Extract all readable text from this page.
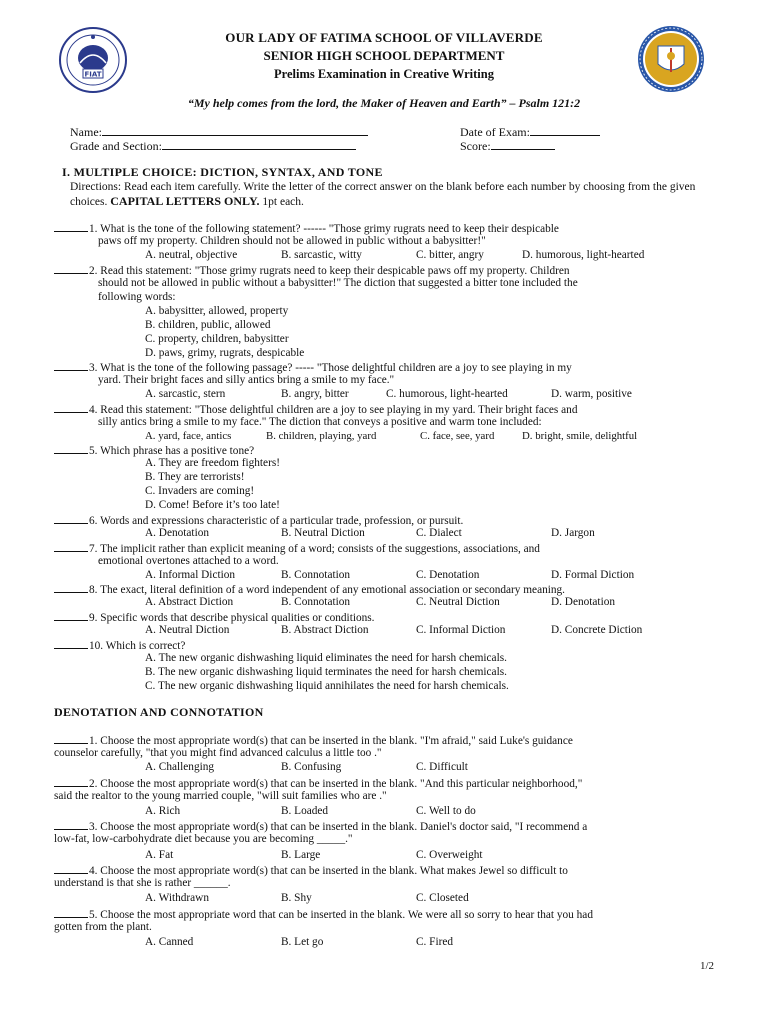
FIAT
OUR LADY OF FATIMA SCHOOL OF VILLAVERDE
SENIOR HIGH SCHOOL DEPARTMENT
Prelims Examination in Creative Writing
“My help comes from the lord, the Maker of Heaven and Earth” – Psalm 121:2
Name:
Grade and Section:
Date of Exam:
Score:
I. MULTIPLE CHOICE: DICTION, SYNTAX, AND TONE
Directions: Read each item carefully. Write the letter of the correct answer on the blank before each number by choosing from the given choices. CAPITAL LETTERS ONLY. 1pt each.
1. What is the tone of the following statement? ------ "Those grimy rugrats need to keep their despicable
paws off my property. Children should not be allowed in public without a babysitter!"
A. neutral, objective	B. sarcastic, witty	C. bitter, angry	D. humorous, light-hearted
2. Read this statement: "Those grimy rugrats need to keep their despicable paws off my property. Children
should not be allowed in public without a babysitter!" The diction that suggested a bitter tone included the
following words:
A. babysitter, allowed, property
B. children, public, allowed
C. property, children, babysitter
D. paws, grimy, rugrats, despicable
3. What is the tone of the following passage? ----- "Those delightful children are a joy to see playing in my
yard. Their bright faces and silly antics bring a smile to my face."
A. sarcastic, stern	B. angry, bitter	C. humorous, light-hearted	D. warm, positive
4. Read this statement: "Those delightful children are a joy to see playing in my yard. Their bright faces and
silly antics bring a smile to my face." The diction that conveys a positive and warm tone included:
A. yard, face, antics	B. children, playing, yard	C. face, see, yard	D. bright, smile, delightful
5. Which phrase has a positive tone?
A. They are freedom fighters!
B. They are terrorists!
C. Invaders are coming!
D. Come! Before it’s too late!
6. Words and expressions characteristic of a particular trade, profession, or pursuit.
A. Denotation	B. Neutral Diction	C. Dialect	D. Jargon
7. The implicit rather than explicit meaning of a word; consists of the suggestions, associations, and
emotional overtones attached to a word.
A. Informal Diction	B. Connotation	C. Denotation	D. Formal Diction
8. The exact, literal definition of a word independent of any emotional association or secondary meaning.
A. Abstract Diction	B. Connotation	C. Neutral Diction	D. Denotation
9. Specific words that describe physical qualities or conditions.
A. Neutral Diction	B. Abstract Diction	C. Informal Diction	D. Concrete Diction
10. Which is correct?
A. The new organic dishwashing liquid eliminates the need for harsh chemicals.
B. The new organic dishwashing liquid terminates the need for harsh chemicals.
C. The new organic dishwashing liquid annihilates the need for harsh chemicals.
DENOTATION AND CONNOTATION
1. Choose the most appropriate word(s) that can be inserted in the blank. "I'm afraid," said Luke's guidance
counselor carefully, "that you might find advanced calculus a little too ."
A. Challenging	B. Confusing	C. Difficult
2. Choose the most appropriate word(s) that can be inserted in the blank. "And this particular neighborhood,"
said the realtor to the young married couple, "will suit families who are ."
A. Rich	B. Loaded	C. Well to do
3. Choose the most appropriate word(s) that can be inserted in the blank. Daniel's doctor said, "I recommend a
low-fat, low-carbohydrate diet because you are becoming _____."
A. Fat	B. Large	C. Overweight
4. Choose the most appropriate word(s) that can be inserted in the blank. What makes Jewel so difficult to
understand is that she is rather ______.
A. Withdrawn	B. Shy	C. Closeted
5. Choose the most appropriate word that can be inserted in the blank. We were all so sorry to hear that you had
gotten from the plant.
A. Canned	B. Let go	C. Fired
1/2
